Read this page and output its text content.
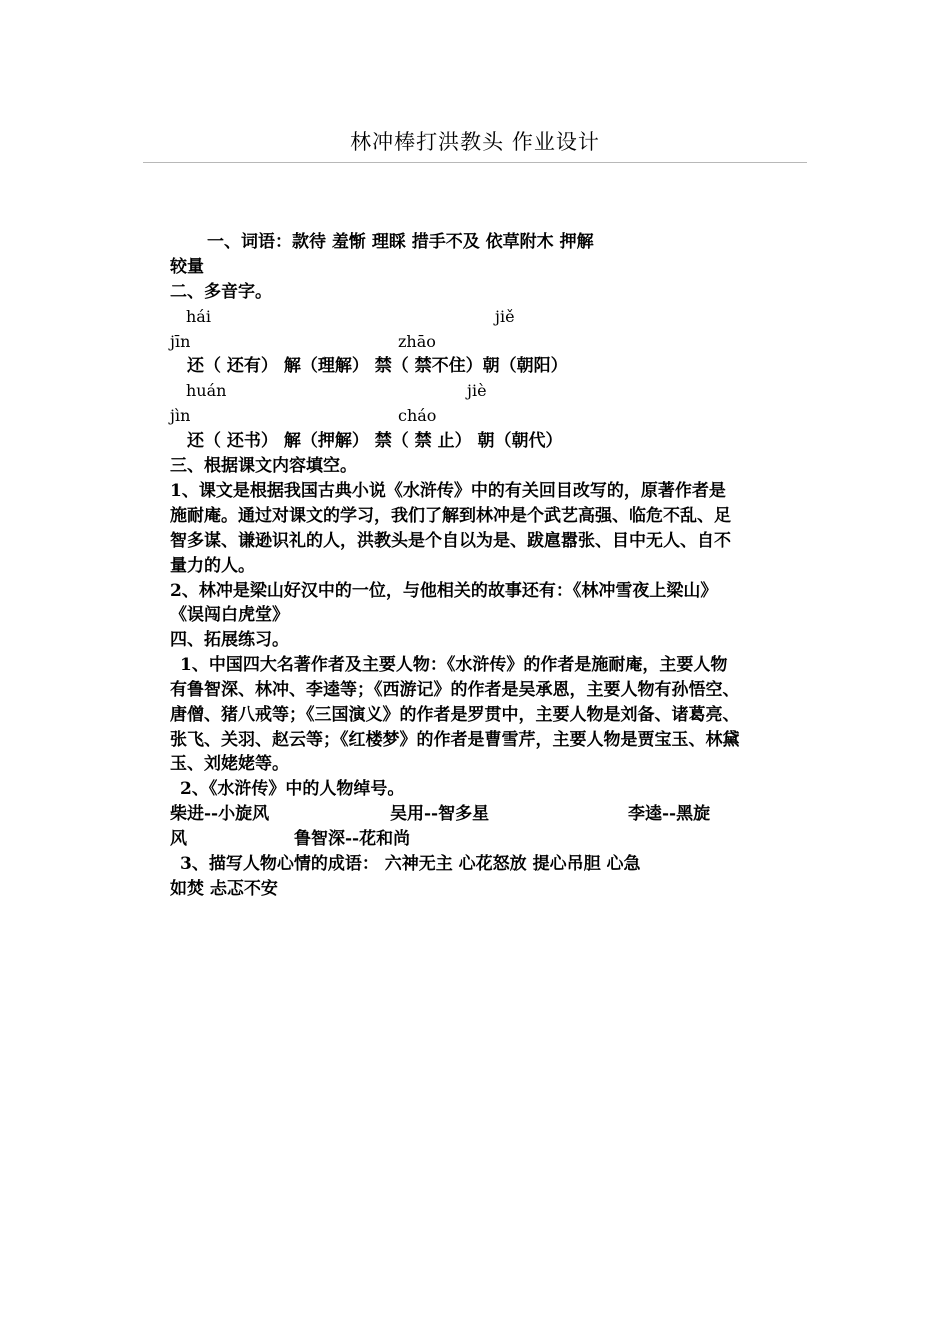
林冲棒打洪教头 作业设计
一、词语：款待 羞惭 理睬 措手不及 依草附木 押解
较量
二、多音字。
hái	jiě
jīn	zhāo
还（ 还有） 解（理解） 禁（ 禁不住）朝（朝阳）
huán	jiè
jìn	cháo
还（ 还书） 解（押解） 禁（ 禁 止） 朝（朝代）
三、根据课文内容填空。
1、课文是根据我国古典小说《水浒传》中的有关回目改写的，原著作者是
施耐庵。通过对课文的学习，我们了解到林冲是个武艺高强、临危不乱、足
智多谋、谦逊识礼的人，洪教头是个自以为是、跋扈嚣张、目中无人、自不
量力的人。
2、林冲是梁山好汉中的一位，与他相关的故事还有：《林冲雪夜上梁山》
《误闯白虎堂》
四、拓展练习。
1、中国四大名著作者及主要人物：《水浒传》的作者是施耐庵，主要人物
有鲁智深、林冲、李逵等；《西游记》的作者是吴承恩，主要人物有孙悟空、
唐僧、猪八戒等；《三国演义》的作者是罗贯中，主要人物是刘备、诸葛亮、
张飞、关羽、赵云等；《红楼梦》的作者是曹雪芹，主要人物是贾宝玉、林黛
玉、刘姥姥等。
2、《水浒传》中的人物绰号。
柴进--小旋风	吴用--智多星	李逵--黑旋
风	鲁智深--花和尚
3、描写人物心情的成语： 六神无主 心花怒放 提心吊胆 心急
如焚 忐忑不安
